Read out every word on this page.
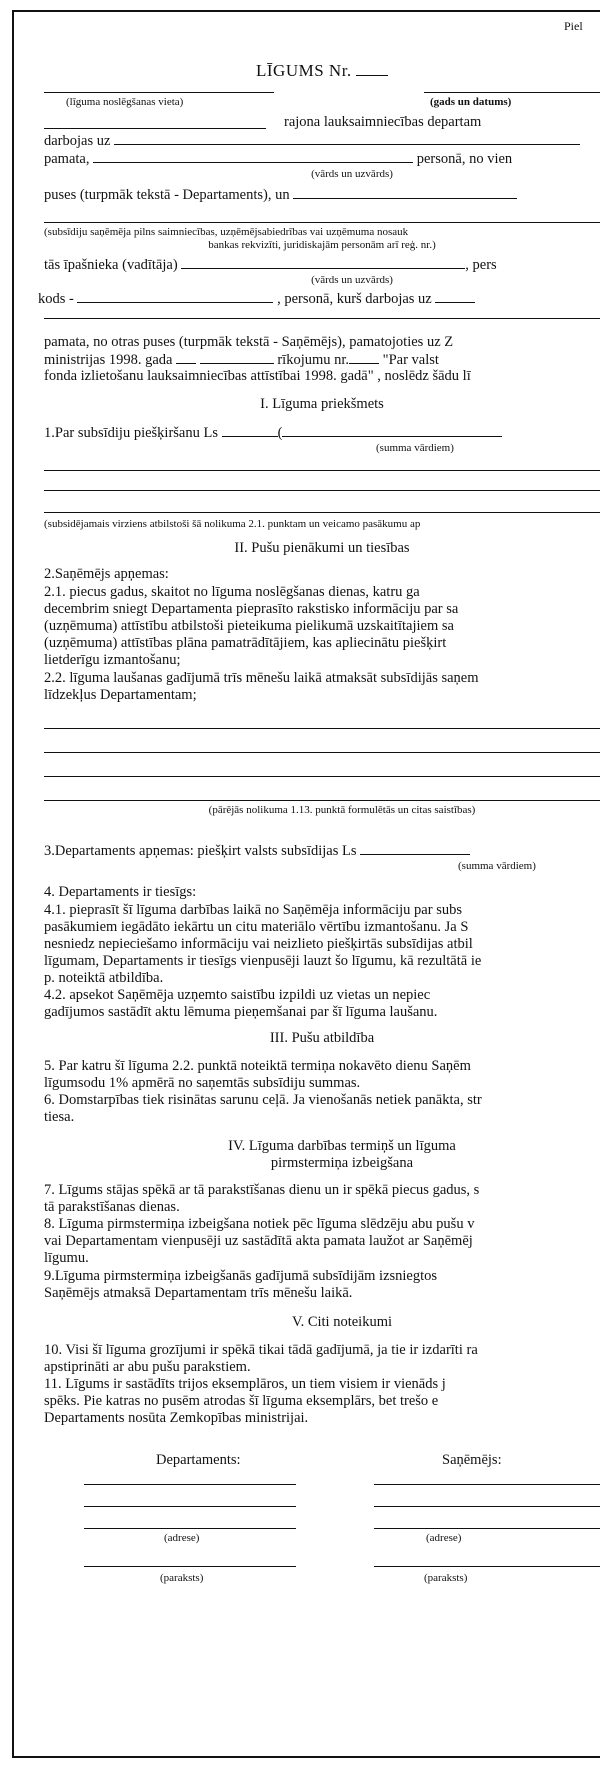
Piel
LĪGUMS Nr.
(līguma noslēgšanas vieta)	(gads un datums)
rajona lauksaimniecības departam
darbojas uz
pamata,	personā, no vien
(vārds un uzvārds)
puses (turpmāk tekstā - Departaments), un
(subsīdiju saņēmēja pilns saimniecības, uzņēmējsabiedrības vai uzņēmuma nosauk
bankas rekvizīti, juridiskajām personām arī reģ. nr.)
tās īpašnieka (vadītāja)	, pers
(vārds un uzvārds)
kods -	, personā, kurš darbojas uz
pamata, no otras puses (turpmāk tekstā - Saņēmējs), pamatojoties uz Z
ministrijas 1998. gada	rīkojumu nr. "Par valst
fonda izlietošanu lauksaimniecības attīstībai 1998. gadā" , noslēdz šādu lī
I. Līguma priekšmets
1.Par subsīdiju piešķiršanu Ls	(
(summa vārdiem)
(subsidējamais virziens atbilstoši šā nolikuma 2.1. punktam un veicamo pasākumu ap
II. Pušu pienākumi un tiesības
2.Saņēmējs apņemas:
2.1. piecus gadus, skaitot no līguma noslēgšanas dienas, katru ga
decembrim sniegt Departamenta pieprasīto rakstisko informāciju par sa
(uzņēmuma) attīstību atbilstoši pieteikuma pielikumā uzskaitītajiem sa
(uzņēmuma) attīstības plāna pamatrādītājiem, kas apliecinātu piešķirt
lietderīgu izmantošanu;
2.2. līguma laušanas gadījumā trīs mēnešu laikā atmaksāt subsīdijās saņem
līdzekļus Departamentam;
(pārējās nolikuma 1.13. punktā formulētās un citas saistības)
3.Departaments apņemas: piešķirt valsts subsīdijas Ls
(summa vārdiem)
4. Departaments ir tiesīgs:
4.1. pieprasīt šī līguma darbības laikā no Saņēmēja informāciju par subs
pasākumiem iegādāto iekārtu un citu materiālo vērtību izmantošanu. Ja S
nesniedz nepieciešamo informāciju vai neizlieto piešķirtās subsīdijas atbil
līgumam, Departaments ir tiesīgs vienpusēji lauzt šo līgumu, kā rezultātā ie
p. noteiktā atbildība.
4.2. apsekot Saņēmēja uzņemto saistību izpildi uz vietas un nepiec
gadījumos sastādīt aktu lēmuma pieņemšanai par šī līguma laušanu.
III. Pušu atbildība
5. Par katru šī līguma 2.2. punktā noteiktā termiņa nokavēto dienu Saņēm
līgumsodu 1% apmērā no saņemtās subsīdiju summas.
6. Domstarpības tiek risinātas sarunu ceļā. Ja vienošanās netiek panākta, str
tiesa.
IV. Līguma darbības termiņš un līguma
pirmstermiņa izbeigšana
7. Līgums stājas spēkā ar tā parakstīšanas dienu un ir spēkā piecus gadus, s
tā parakstīšanas dienas.
8. Līguma pirmstermiņa izbeigšana notiek pēc līguma slēdzēju abu pušu v
vai Departamentam vienpusēji uz sastādītā akta pamata laužot ar Saņēmēj
līgumu.
9.Līguma pirmstermiņa izbeigšanās gadījumā subsīdijām izsniegtos
Saņēmējs atmaksā Departamentam trīs mēnešu laikā.
V. Citi noteikumi
10. Visi šī līguma grozījumi ir spēkā tikai tādā gadījumā, ja tie ir izdarīti ra
apstiprināti ar abu pušu parakstiem.
11. Līgums ir sastādīts trijos eksemplāros, un tiem visiem ir vienāds j
spēks. Pie katras no pusēm atrodas šī līguma eksemplārs, bet trešo e
Departaments nosūta Zemkopības ministrijai.
Departaments:	Saņēmējs:
(adrese)
(paraksts)
(adrese)
(paraksts)
